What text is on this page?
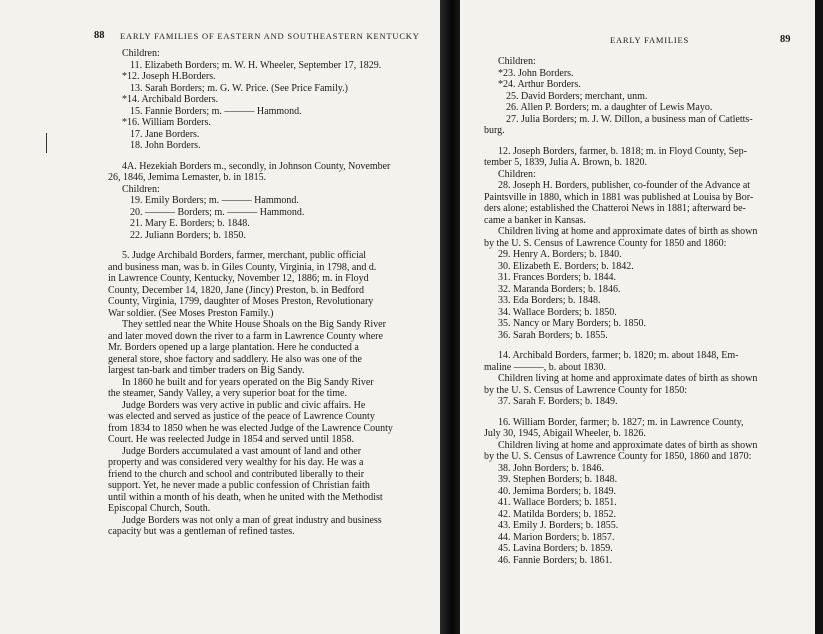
88 EARLY FAMILIES OF EASTERN AND SOUTHEASTERN KENTUCKY

Children:

11. Elizabeth Borders; m. W. H. Wheeler, September 17, 1829.

*12. Joseph H.Borders.

13. Sarah Borders; m. G. W. Price. (See Price Family.)

*14. Archibald Borders.

15. Fannie Borders; m. ——— Hammond.

*16. William Borders.

17. Jane Borders.

18. John Borders.

4A. Hezekiah Borders m., secondly, in Johnson County, November

26, 1846, Jemima Lemaster, b. in 1815.

Children:

19. Emily Borders; m. ——— Hammond.

20. ——— Borders; m. ——— Hammond.

21. Mary E. Borders; b. 1848.

22. Juliann Borders; b. 1850.

5. Judge Archibald Borders, farmer, merchant, public official

and business man, was b. in Giles County, Virginia, in 1798, and d.

in Lawrence County, Kentucky, November 12, 1886; m. in Floyd

County, December 14, 1820, Jane (Jincy) Preston, b. in Bedford

County, Virginia, 1799, daughter of Moses Preston, Revolutionary

War soldier. (See Moses Preston Family.)

They settled near the White House Shoals on the Big Sandy River

and later moved down the river to a farm in Lawrence County where

Mr. Borders opened up a large plantation. Here he conducted a

general store, shoe factory and saddlery. He also was one of the

largest tan-bark and timber traders on Big Sandy.

In 1860 he built and for years operated on the Big Sandy River

the steamer, Sandy Valley, a very superior boat for the time.

Judge Borders was very active in public and civic affairs. He

was elected and served as justice of the peace of Lawrence County

from 1834 to 1850 when he was elected Judge of the Lawrence County

Court. He was reelected Judge in 1854 and served until 1858.

Judge Borders accumulated a vast amount of land and other

property and was considered very wealthy for his day. He was a

friend to the church and school and contributed liberally to their

support. Yet, he never made a public confession of Christian faith

until within a month of his death, when he united with the Methodist

Episcopal Church, South.

Judge Borders was not only a man of great industry and business

capacity but was a gentleman of refined tastes.

EARLY FAMILIES	89

Children:

*23. John Borders.

*24. Arthur Borders.

25. David Borders; merchant, unm.

26. Allen P. Borders; m. a daughter of Lewis Mayo.

27. Julia Borders; m. J. W. Dillon, a business man of Catletts-

burg.

12. Joseph Borders, farmer, b. 1818; m. in Floyd County, Sep-

tember 5, 1839, Julia A. Brown, b. 1820.

Children:

28. Joseph H. Borders, publisher, co-founder of the Advance at

Paintsville in 1880, which in 1881 was published at Louisa by Bor-

ders alone; established the Chatteroi News in 1881; afterward be-

came a banker in Kansas.

Children living at home and approximate dates of birth as shown

by the U. S. Census of Lawrence County for 1850 and 1860:

29. Henry A. Borders; b. 1840.

30. Elizabeth E. Borders; b. 1842.

31. Frances Borders; b. 1844.

32. Maranda Borders; b. 1846.

33. Eda Borders; b. 1848.

34. Wallace Borders; b. 1850.

35. Nancy or Mary Borders; b. 1850.

36. Sarah Borders; b. 1855.

14. Archibald Borders, farmer; b. 1820; m. about 1848, Em-

maline ———, b. about 1830.

Children living at home and approximate dates of birth as shown

by the U. S. Census of Lawrence County for 1850:

37. Sarah F. Borders; b. 1849.

16. William Border, farmer; b. 1827; m. in Lawrence County,

July 30, 1945, Abigail Wheeler, b. 1826.

Children living at home and approximate dates of birth as shown

by the U. S. Census of Lawrence County for 1850, 1860 and 1870:

38. John Borders; b. 1846.

39. Stephen Borders; b. 1848.

40. Jemima Borders; b. 1849.

41. Wallace Borders; b. 1851.

42. Matilda Borders; b. 1852.

43. Emily J. Borders; b. 1855.

44. Marion Borders; b. 1857.

45. Lavina Borders; b. 1859.

46. Fannie Borders; b. 1861.
